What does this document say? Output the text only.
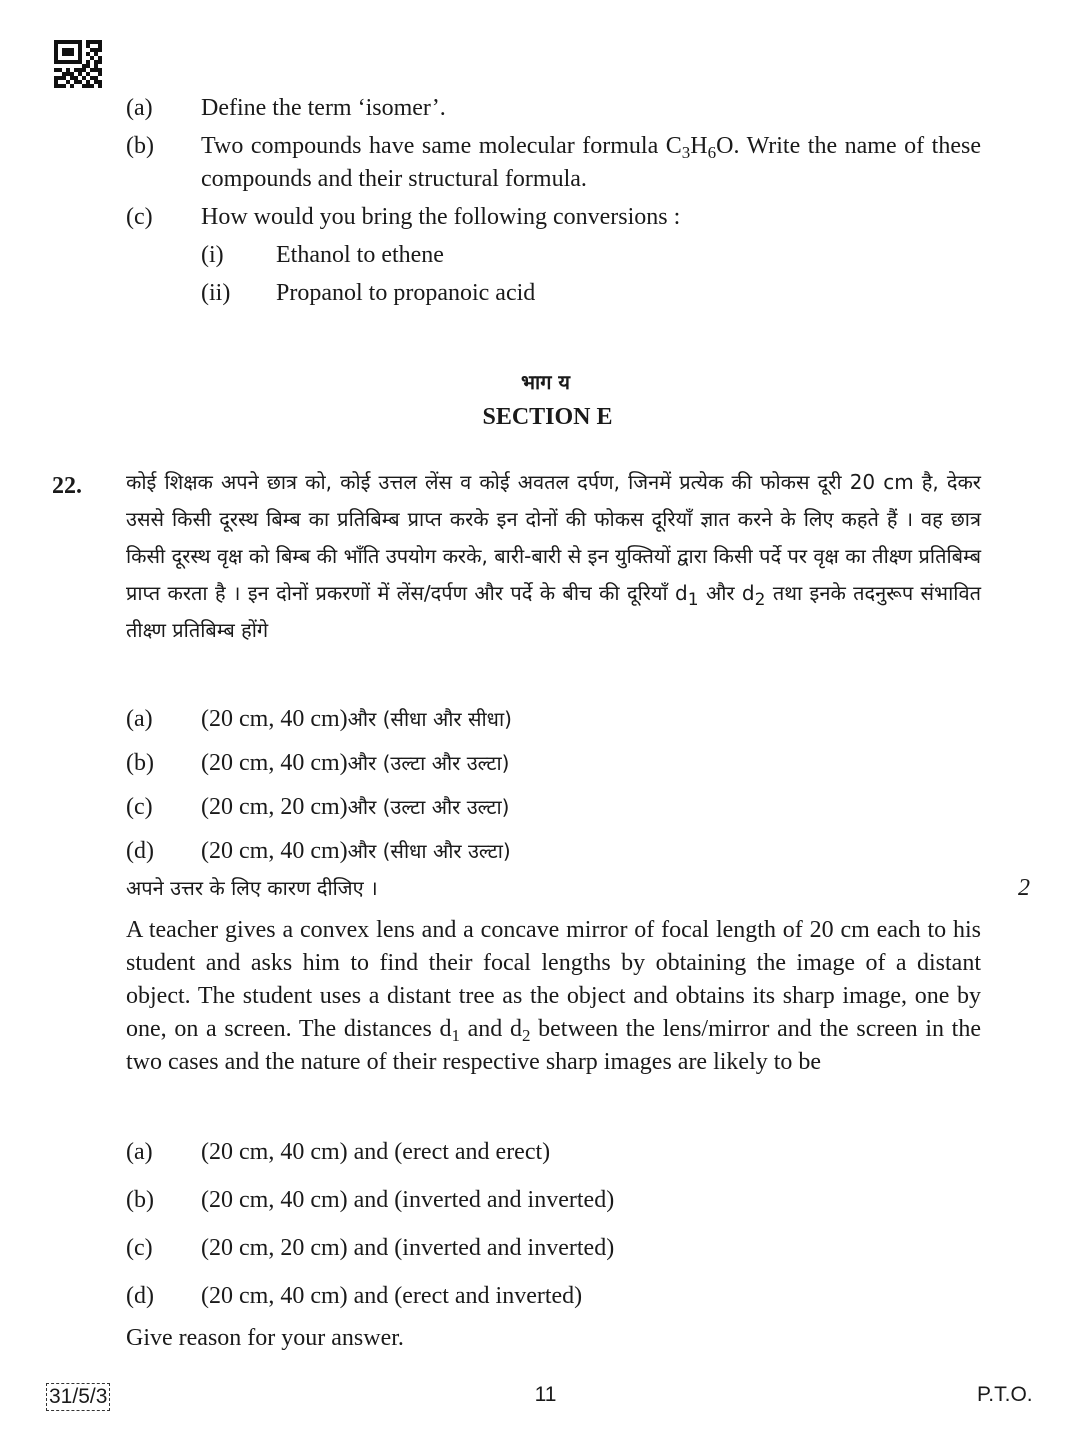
(a)	Define the term ‘isomer’.
(b)	Two compounds have same molecular formula $C_3H_6O$. Write the name of these compounds and their structural formula.
(c)	How would you bring the following conversions :
(i)	Ethanol to ethene
(ii)	Propanol to propanoic acid
भाग य
SECTION E
22. कोई शिक्षक अपने छात्र को, कोई उत्तल लेंस व कोई अवतल दर्पण, जिनमें प्रत्येक की फोकस दूरी 20 cm है, देकर उससे किसी दूरस्थ बिम्ब का प्रतिबिम्ब प्राप्त करके इन दोनों की फोकस दूरियाँ ज्ञात करने के लिए कहते हैं । वह छात्र किसी दूरस्थ वृक्ष को बिम्ब की भाँति उपयोग करके, बारी-बारी से इन युक्तियों द्वारा किसी पर्दे पर वृक्ष का तीक्ष्ण प्रतिबिम्ब प्राप्त करता है । इन दोनों प्रकरणों में लेंस/दर्पण और पर्दे के बीच की दूरियाँ $d_1$ और $d_2$ तथा इनके तदनुरूप संभावित तीक्ष्ण प्रतिबिम्ब होंगे
(a)	(20 cm, 40 cm) और (सीधा और सीधा)
(b)	(20 cm, 40 cm) और (उल्टा और उल्टा)
(c)	(20 cm, 20 cm) और (उल्टा और उल्टा)
(d)	(20 cm, 40 cm) और (सीधा और उल्टा)
अपने उत्तर के लिए कारण दीजिए ।	2
A teacher gives a convex lens and a concave mirror of focal length of 20 cm each to his student and asks him to find their focal lengths by obtaining the image of a distant object. The student uses a distant tree as the object and obtains its sharp image, one by one, on a screen. The distances $d_1$ and $d_2$ between the lens/mirror and the screen in the two cases and the nature of their respective sharp images are likely to be
(a)	(20 cm, 40 cm) and (erect and erect)
(b)	(20 cm, 40 cm) and (inverted and inverted)
(c)	(20 cm, 20 cm) and (inverted and inverted)
(d)	(20 cm, 40 cm) and (erect and inverted)
Give reason for your answer.
31/5/3	11	P.T.O.
